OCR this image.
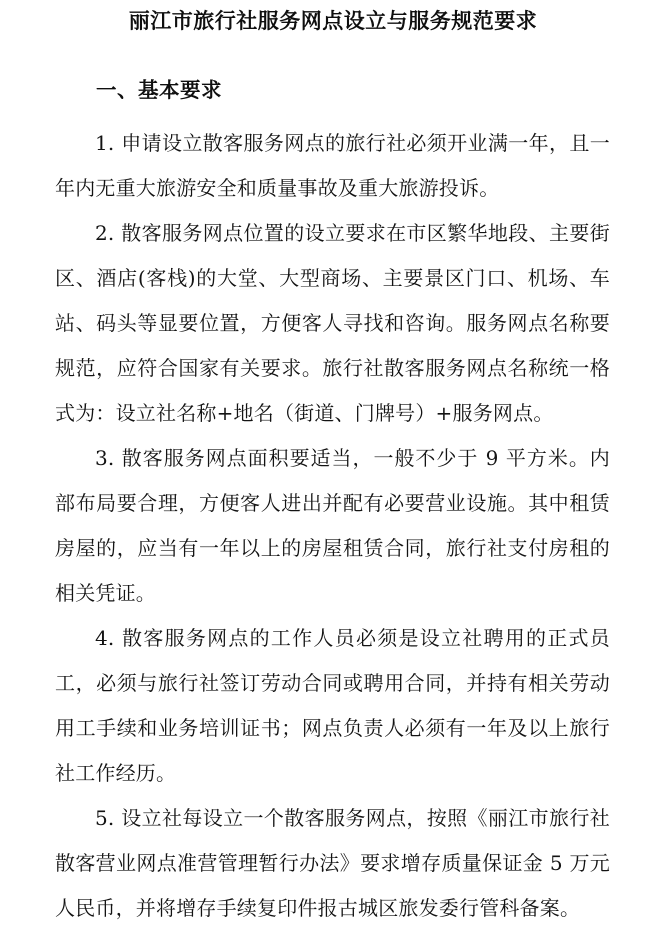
丽江市旅行社服务网点设立与服务规范要求
一、基本要求

1. 申请设立散客服务网点的旅行社必须开业满一年，且一年内无重大旅游安全和质量事故及重大旅游投诉。

2. 散客服务网点位置的设立要求在市区繁华地段、主要街区、酒店(客栈)的大堂、大型商场、主要景区门口、机场、车站、码头等显要位置，方便客人寻找和咨询。服务网点名称要规范，应符合国家有关要求。旅行社散客服务网点名称统一格式为：设立社名称+地名（街道、门牌号）+服务网点。

3. 散客服务网点面积要适当，一般不少于 9 平方米。内部布局要合理，方便客人进出并配有必要营业设施。其中租赁房屋的，应当有一年以上的房屋租赁合同，旅行社支付房租的相关凭证。

4. 散客服务网点的工作人员必须是设立社聘用的正式员工，必须与旅行社签订劳动合同或聘用合同，并持有相关劳动用工手续和业务培训证书；网点负责人必须有一年及以上旅行社工作经历。

5. 设立社每设立一个散客服务网点，按照《丽江市旅行社散客营业网点准营管理暂行办法》要求增存质量保证金 5 万元人民币，并将增存手续复印件报古城区旅发委行管科备案。
